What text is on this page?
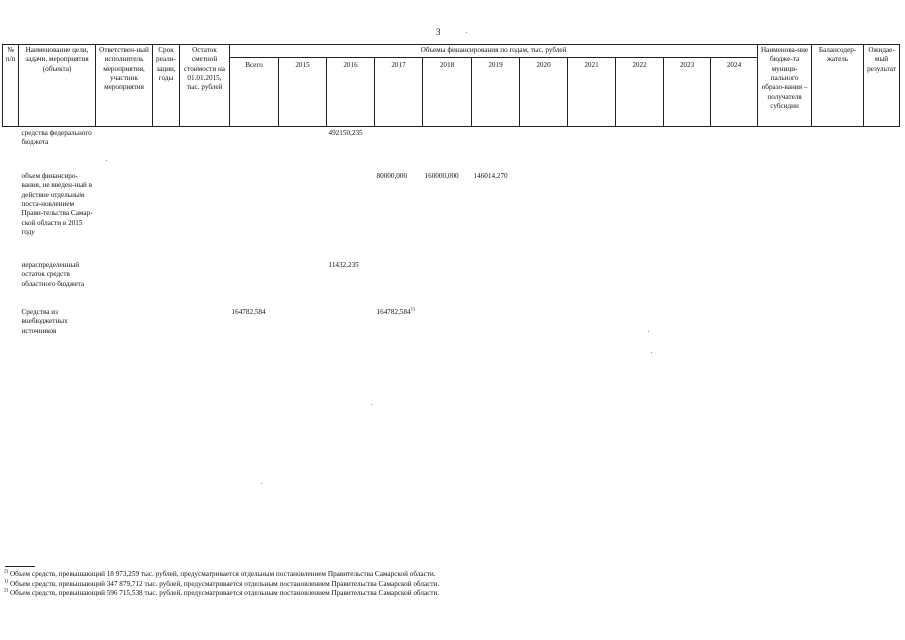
3
№ п/п	Наименование цели, задачи, мероприятия (объекта)	Ответствен-ный исполнитель мероприятия, участник мероприятия	Срок реали-зации, годы	Остаток сметной стоимости на 01.01.2015, тыс. рублей	Объемы финансирования по годам, тыс. рублей											Наименова-ние бюдже-та муници-пального образо-вания – получателя субсидии	Балансодер-жатель	Ожидае-мый результат
					Всего	2015	2016	2017	2018	2019	2020	2021	2022	2023	2024			
	средства федерального бюджета						492150,235											
	объем финансиро-вания, не введен-ный в действие отдельным поста-новлением Прави-тельства Самар-ской области в 2015 году							80000,000	160000,000	146014,270								
	нераспределенный остаток средств областного бюджета						11432,235											
	Средства из внебюджетных источников				164782,584			164782,584$^{1)}$										
$^{2)}$ Объем средств, превышающий 18 973,259 тыс. рублей, предусматривается отдельным постановлением Правительства Самарской области.
$^{1)}$ Объем средств, превышающий 347 879,712 тыс. рублей, предусматривается отдельным постановлением Правительства Самарской области.
$^{2)}$ Объем средств, превышающий 596 715,538 тыс. рублей, предусматривается отдельным постановлением Правительства Самарской области.
